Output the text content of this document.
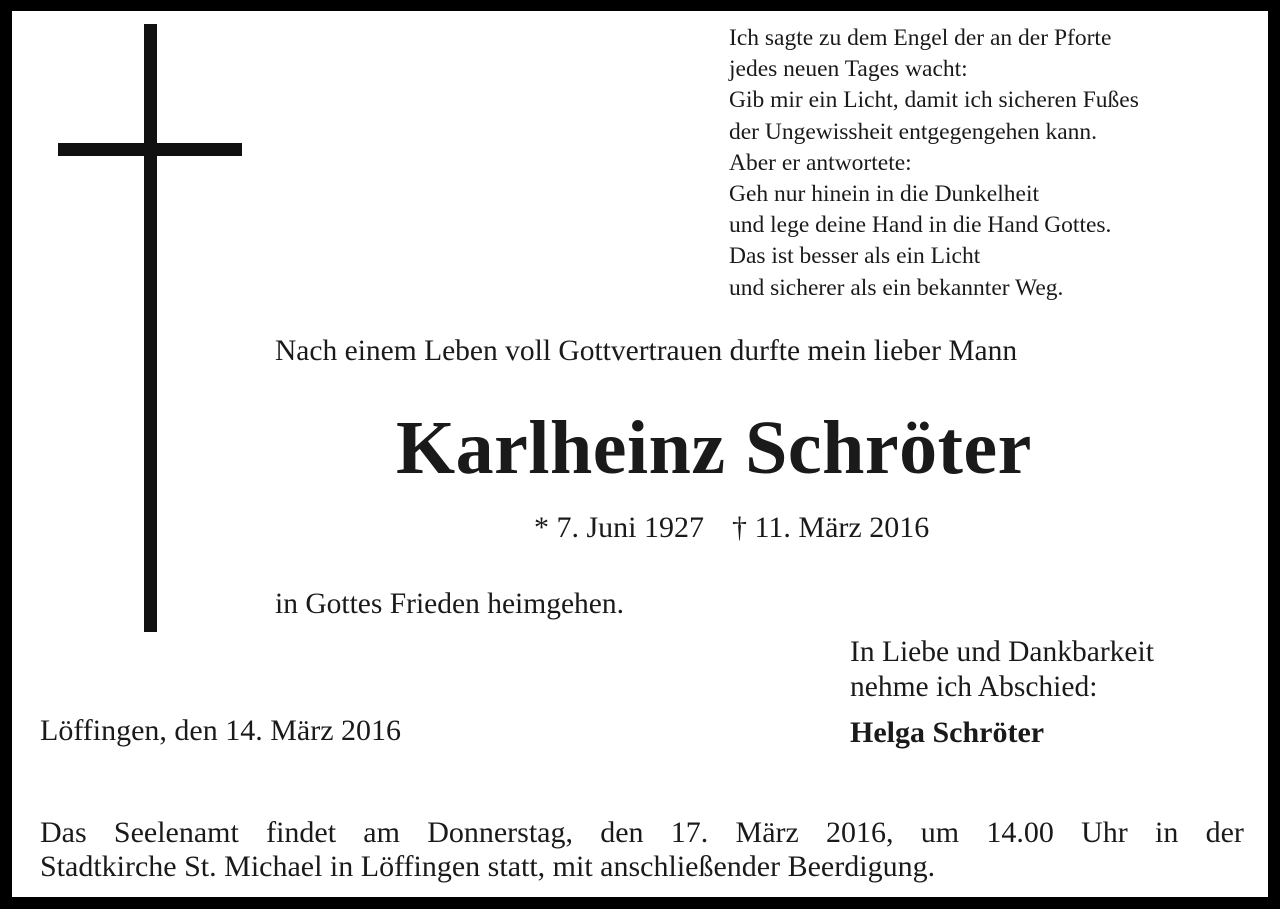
Ich sagte zu dem Engel der an der Pforte
jedes neuen Tages wacht:
Gib mir ein Licht, damit ich sicheren Fußes
der Ungewissheit entgegengehen kann.
Aber er antwortete:
Geh nur hinein in die Dunkelheit
und lege deine Hand in die Hand Gottes.
Das ist besser als ein Licht
und sicherer als ein bekannter Weg.
Nach einem Leben voll Gottvertrauen durfte mein lieber Mann
Karlheinz Schröter
* 7. Juni 1927 † 11. März 2016
in Gottes Frieden heimgehen.
In Liebe und Dankbarkeit
nehme ich Abschied:
Helga Schröter
Löffingen, den 14. März 2016
Das Seelenamt findet am Donnerstag, den 17. März 2016, um 14.00 Uhr in der
Stadtkirche St. Michael in Löffingen statt, mit anschließender Beerdigung.
